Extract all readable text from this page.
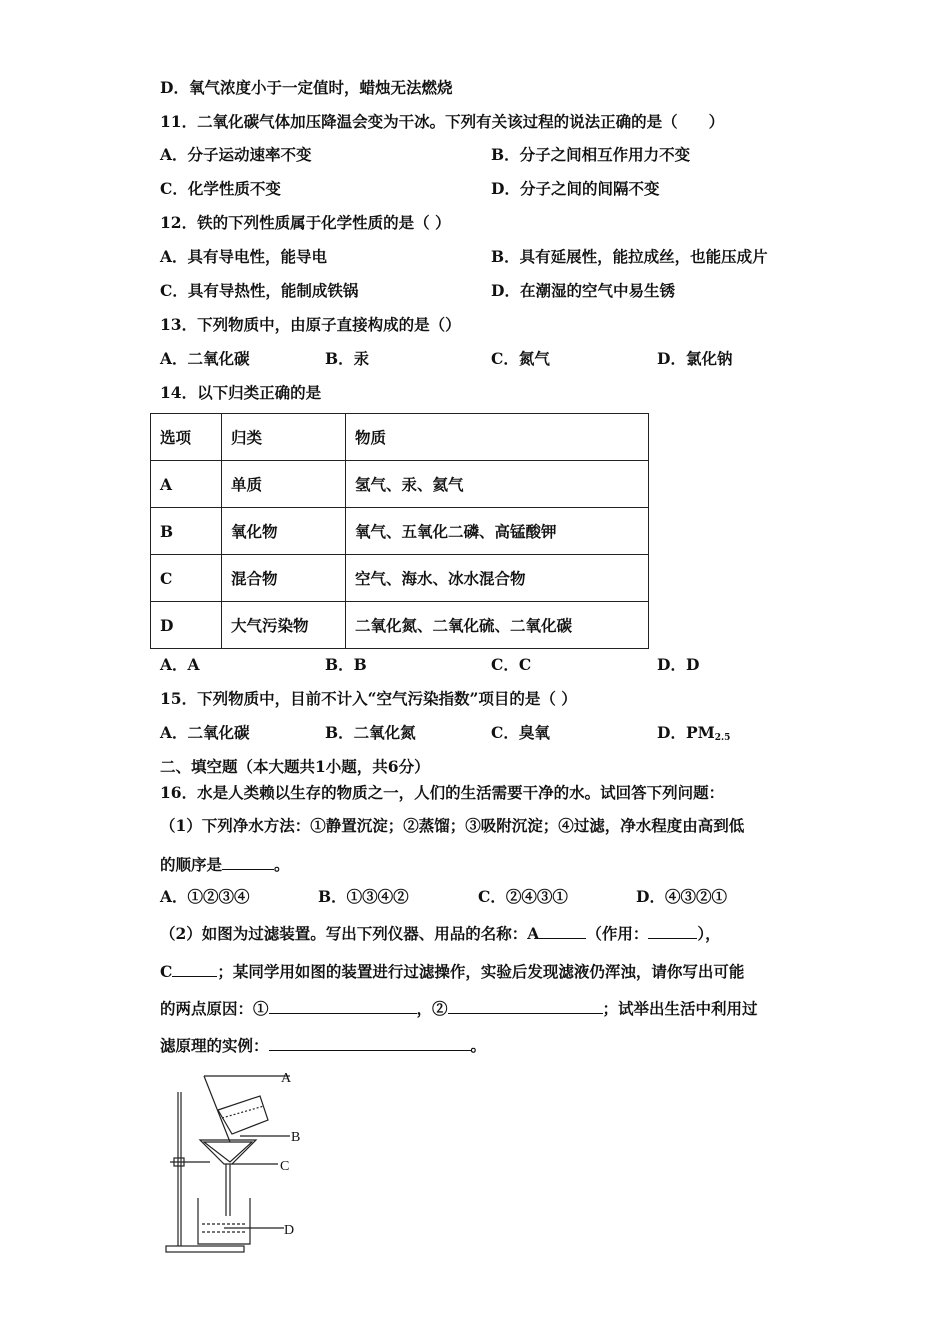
D．氧气浓度小于一定值时，蜡烛无法燃烧
11．二氧化碳气体加压降温会变为干冰。下列有关该过程的说法正确的是（　　）
A．分子运动速率不变	B．分子之间相互作用力不变
C．化学性质不变	D．分子之间的间隔不变
12．铁的下列性质属于化学性质的是（ ）
A．具有导电性，能导电	B．具有延展性，能拉成丝，也能压成片
C．具有导热性，能制成铁锅	D．在潮湿的空气中易生锈
13．下列物质中，由原子直接构成的是（）
A．二氧化碳	B．汞	C．氮气	D．氯化钠
14．以下归类正确的是
选项	归类	物质
A	单质	氢气、汞、氦气
B	氧化物	氧气、五氧化二磷、高锰酸钾
C	混合物	空气、海水、冰水混合物
D	大气污染物	二氧化氮、二氧化硫、二氧化碳
A．A	B．B	C．C	D．D
15．下列物质中，目前不计入“空气污染指数”项目的是（ ）
A．二氧化碳	B．二氧化氮	C．臭氧	D．$PM_{2.5}$
二、填空题（本大题共1小题，共6分）
16．水是人类赖以生存的物质之一，人们的生活需要干净的水。试回答下列问题：
（1）下列净水方法：①静置沉淀；②蒸馏；③吸附沉淀；④过滤，净水程度由高到低
的顺序是	。
A．①②③④	B．①③④②	C．②④③①	D．④③②①
（2）如图为过滤装置。写出下列仪器、用品的名称：A	（作用：	），
C	；某同学用如图的装置进行过滤操作，实验后发现滤液仍浑浊，请你写出可能
的两点原因：①	，②	；试举出生活中利用过
滤原理的实例：	。
A
B
C
D
